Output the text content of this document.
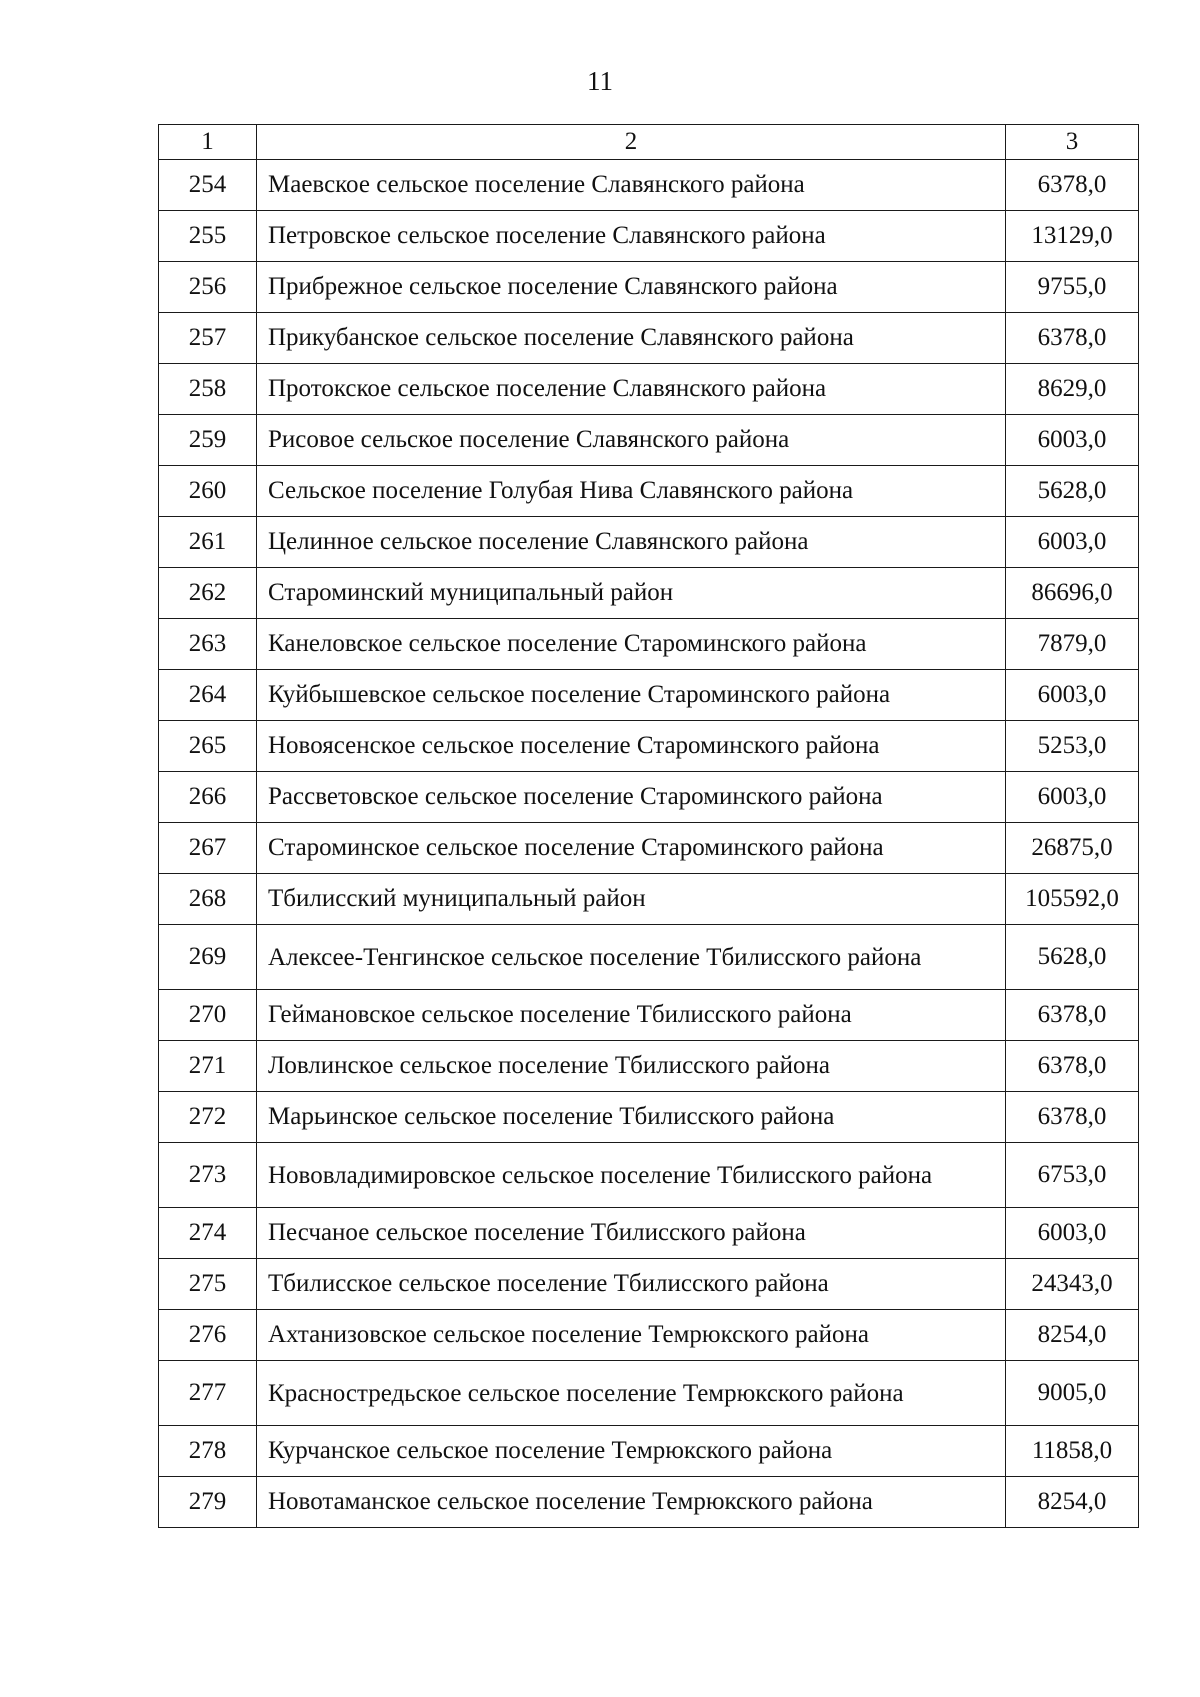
11
1	2	3
254	Маевское сельское поселение Славянского района	6378,0
255	Петровское сельское поселение Славянского района	13129,0
256	Прибрежное сельское поселение Славянского района	9755,0
257	Прикубанское сельское поселение Славянского района	6378,0
258	Протокское сельское поселение Славянского района	8629,0
259	Рисовое сельское поселение Славянского района	6003,0
260	Сельское поселение Голубая Нива Славянского района	5628,0
261	Целинное сельское поселение Славянского района	6003,0
262	Староминский муниципальный район	86696,0
263	Канеловское сельское поселение Староминского района	7879,0
264	Куйбышевское сельское поселение Староминского района	6003,0
265	Новоясенское сельское поселение Староминского района	5253,0
266	Рассветовское сельское поселение Староминского района	6003,0
267	Староминское сельское поселение Староминского района	26875,0
268	Тбилисский муниципальный район	105592,0
269	Алексее-Тенгинское сельское поселение Тбилисского района	5628,0
270	Геймановское сельское поселение Тбилисского района	6378,0
271	Ловлинское сельское поселение Тбилисского района	6378,0
272	Марьинское сельское поселение Тбилисского района	6378,0
273	Нововладимировское сельское поселение Тбилисского района	6753,0
274	Песчаное сельское поселение Тбилисского района	6003,0
275	Тбилисское сельское поселение Тбилисского района	24343,0
276	Ахтанизовское сельское поселение Темрюкского района	8254,0
277	Красностредьское сельское поселение Темрюкского района	9005,0
278	Курчанское сельское поселение Темрюкского района	11858,0
279	Новотаманское сельское поселение Темрюкского района	8254,0
